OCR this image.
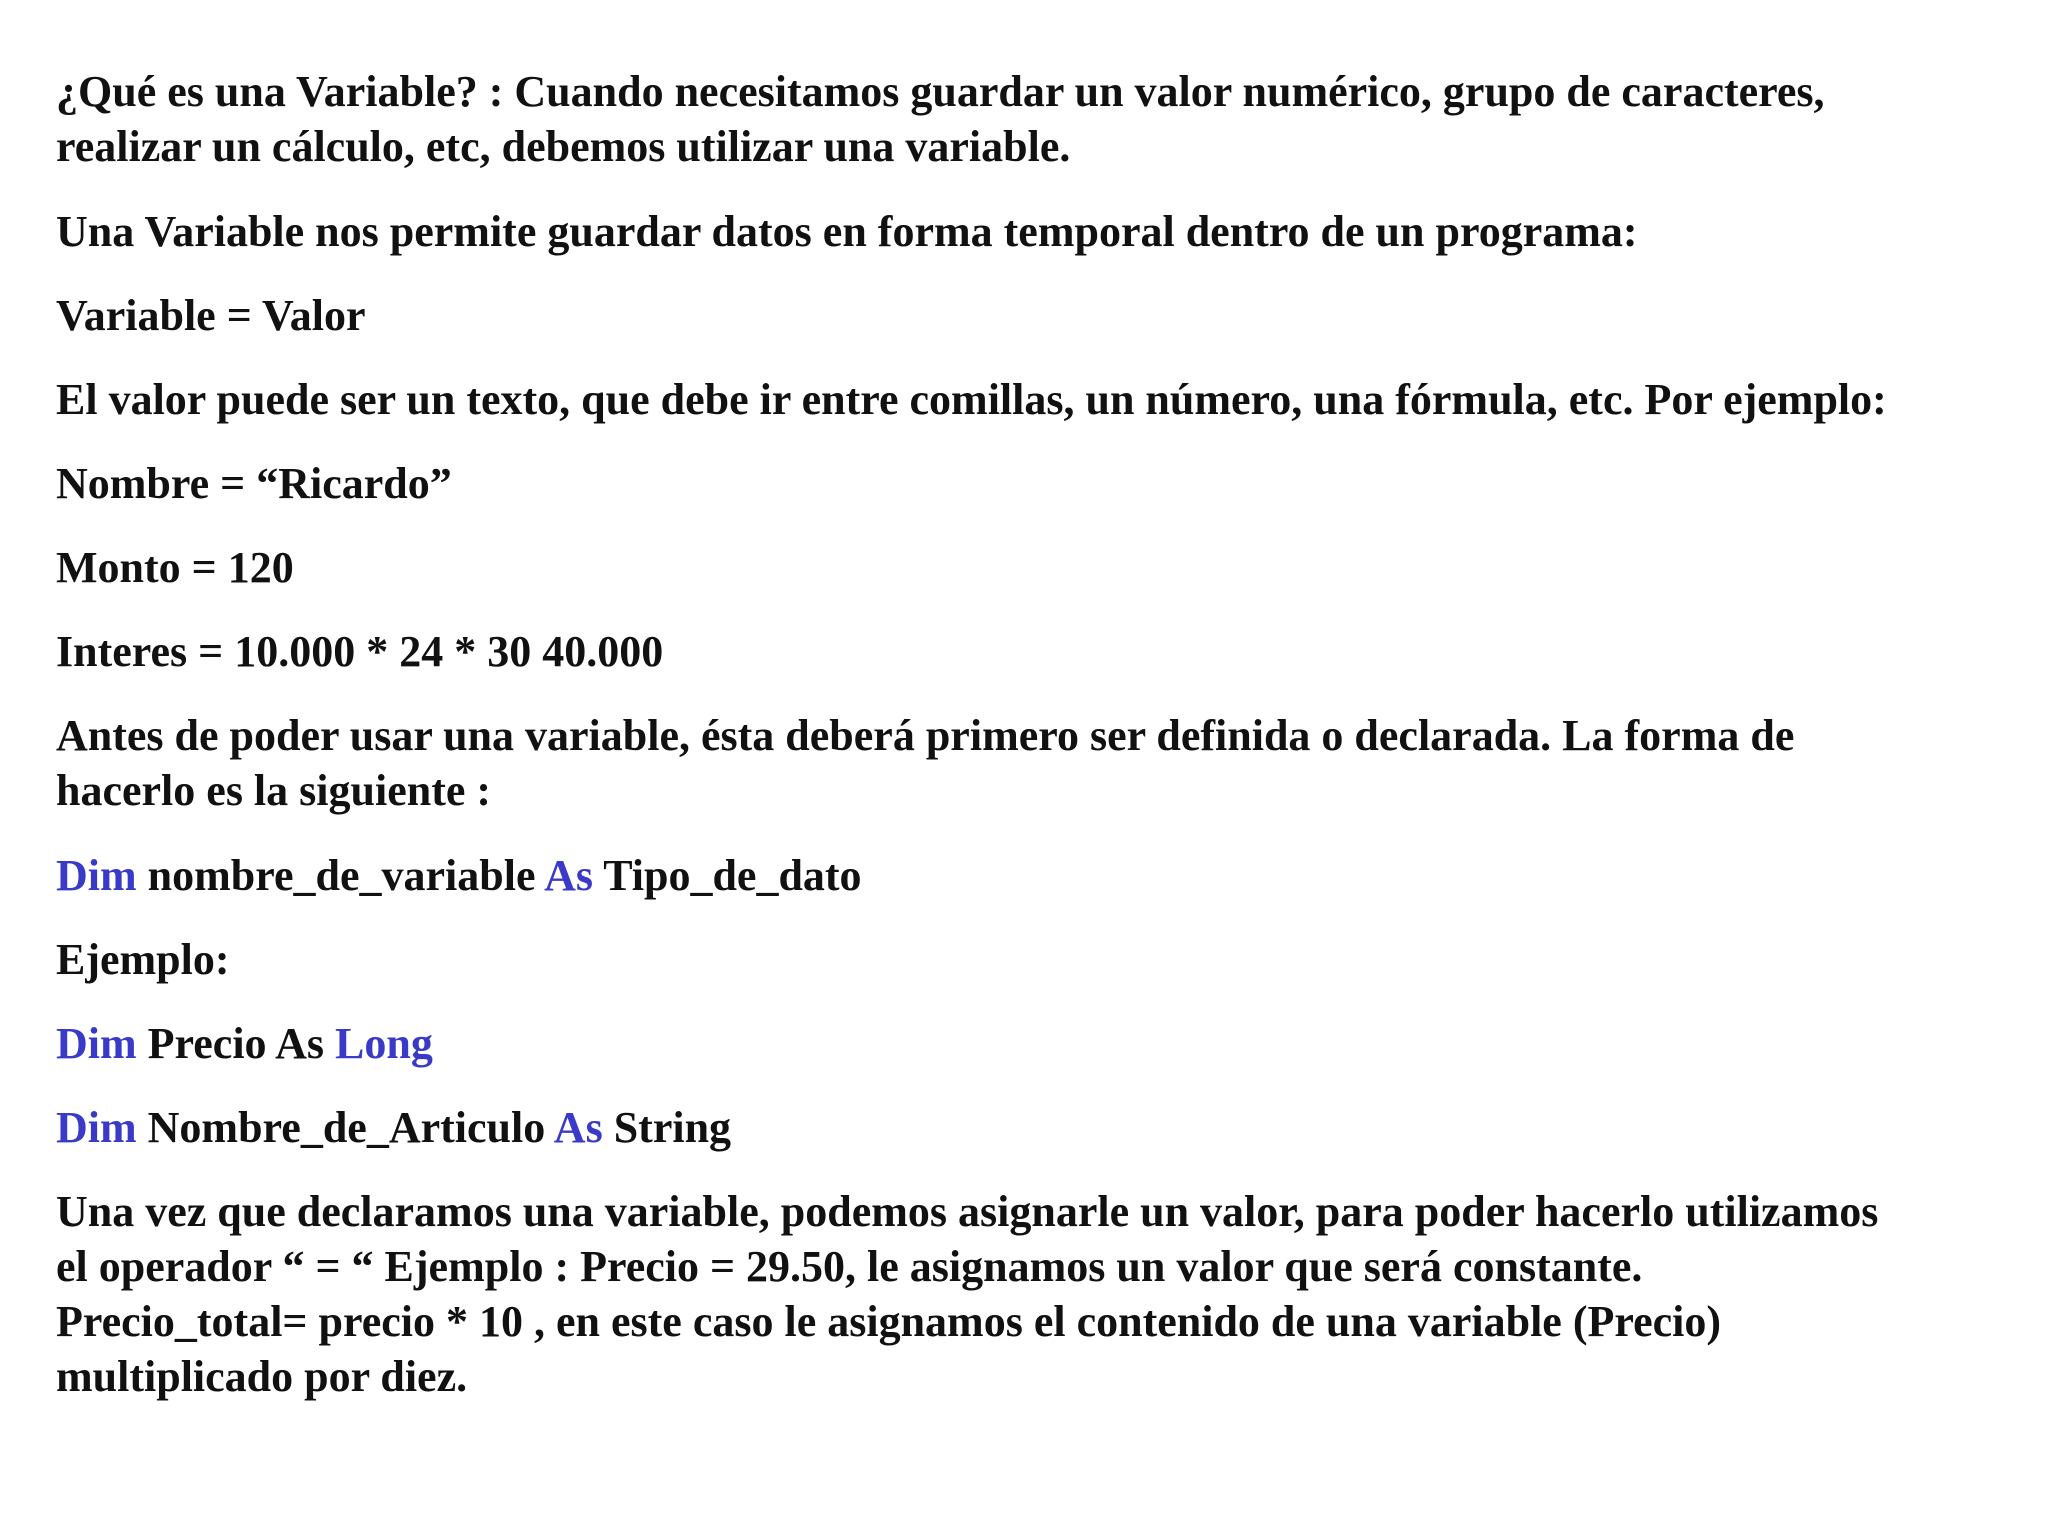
¿Qué es una Variable? : Cuando necesitamos guardar un valor numérico, grupo de caracteres,
realizar un cálculo, etc, debemos utilizar una variable.

Una Variable nos permite guardar datos en forma temporal dentro de un programa:

Variable = Valor

El valor puede ser un texto, que debe ir entre comillas, un número, una fórmula, etc. Por ejemplo:

Nombre = “Ricardo”

Monto = 120

Interes = 10.000 * 24 * 30 40.000

Antes de poder usar una variable, ésta deberá primero ser definida o declarada. La forma de
hacerlo es la siguiente :

Dim nombre_de_variable As Tipo_de_dato

Ejemplo:

Dim Precio As Long

Dim Nombre_de_Articulo As String

Una vez que declaramos una variable, podemos asignarle un valor, para poder hacerlo utilizamos
el operador “ = “ Ejemplo : Precio = 29.50, le asignamos un valor que será constante.
Precio_total= precio * 10 , en este caso le asignamos el contenido de una variable (Precio)
multiplicado por diez.
